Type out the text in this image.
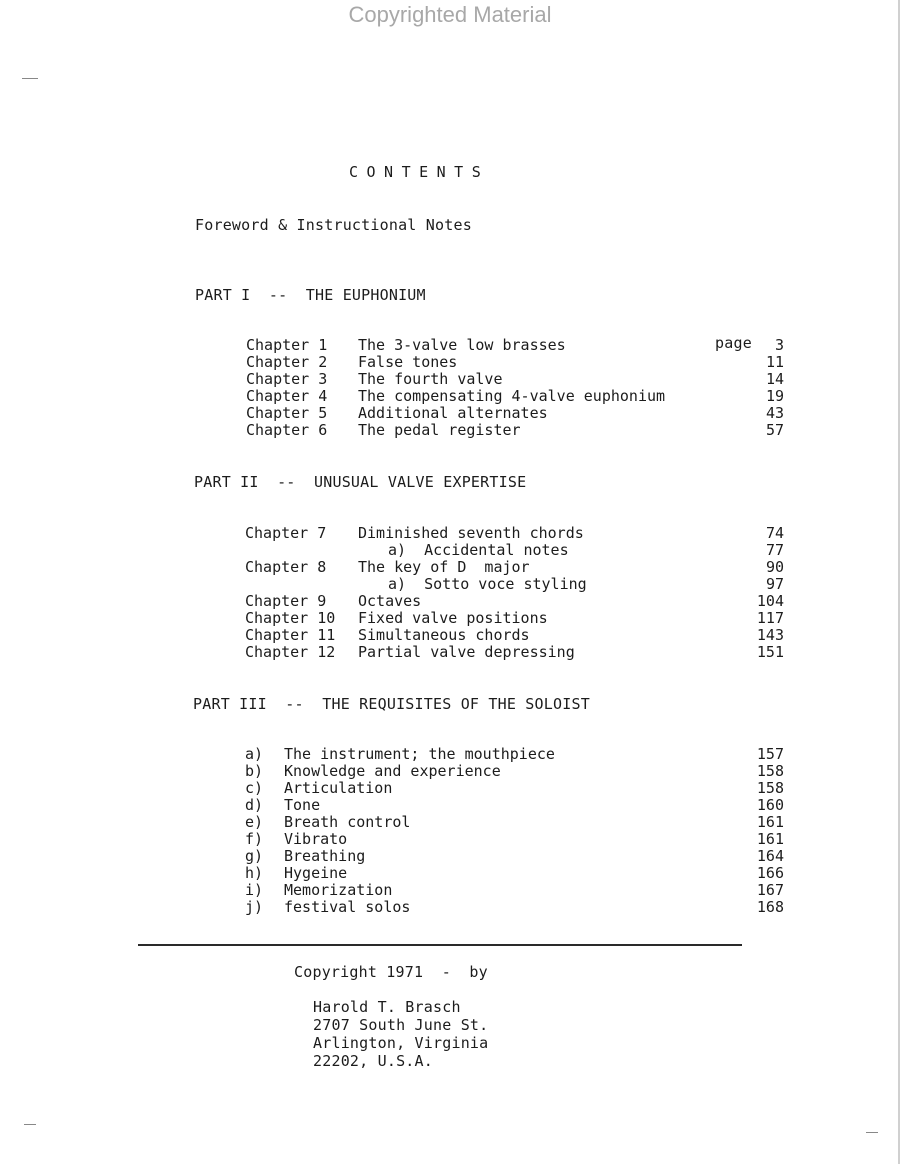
Copyrighted Material
CONTENTS
Foreword & Instructional Notes
PART I  --  THE EUPHONIUM
page
Chapter 1 The 3-valve low brasses	3
Chapter 2 False tones	11
Chapter 3 The fourth valve	14
Chapter 4 The compensating 4-valve euphonium	19
Chapter 5 Additional alternates	43
Chapter 6 The pedal register	57
PART II  --  UNUSUAL VALVE EXPERTISE
Chapter 7 Diminished seventh chords	74
a)  Accidental notes	77
Chapter 8 The key of D  major	90
a)  Sotto voce styling	97
Chapter 9 Octaves	104
Chapter 10 Fixed valve positions	117
Chapter 11 Simultaneous chords	143
Chapter 12 Partial valve depressing	151
PART III  --  THE REQUISITES OF THE SOLOIST
a) The instrument; the mouthpiece	157
b) Knowledge and experience	158
c) Articulation	158
d) Tone	160
e) Breath control	161
f) Vibrato	161
g) Breathing	164
h) Hygeine	166
i) Memorization	167
j) festival solos	168
Copyright 1971  -  by
Harold T. Brasch
2707 South June St.
Arlington, Virginia
22202, U.S.A.
